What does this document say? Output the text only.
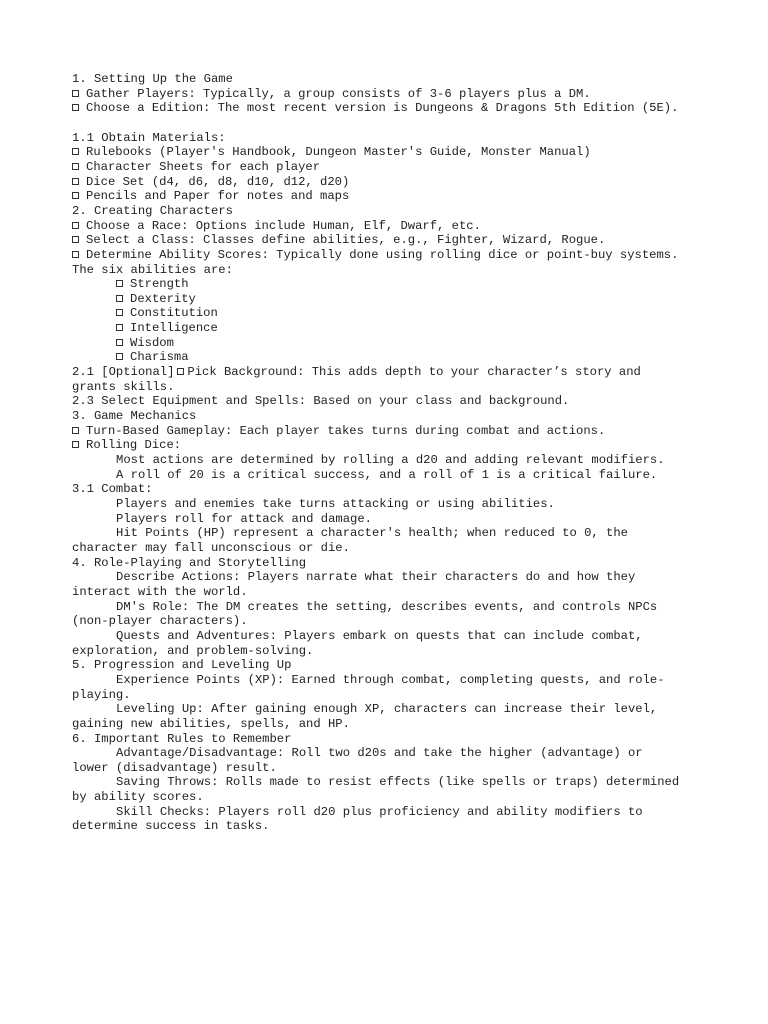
1. Setting Up the Game
Gather Players: Typically, a group consists of 3-6 players plus a DM.
Choose a Edition: The most recent version is Dungeons & Dragons 5th Edition (5E).
1.1 Obtain Materials:
Rulebooks (Player's Handbook, Dungeon Master's Guide, Monster Manual)
Character Sheets for each player
Dice Set (d4, d6, d8, d10, d12, d20)
Pencils and Paper for notes and maps
2. Creating Characters
Choose a Race: Options include Human, Elf, Dwarf, etc.
Select a Class: Classes define abilities, e.g., Fighter, Wizard, Rogue.
Determine Ability Scores: Typically done using rolling dice or point-buy systems.
The six abilities are:
Strength
Dexterity
Constitution
Intelligence
Wisdom
Charisma
2.1 [Optional] Pick Background: This adds depth to your character’s story and
grants skills.
2.3 Select Equipment and Spells: Based on your class and background.
3. Game Mechanics
Turn-Based Gameplay: Each player takes turns during combat and actions.
Rolling Dice:
Most actions are determined by rolling a d20 and adding relevant modifiers.
A roll of 20 is a critical success, and a roll of 1 is a critical failure.
3.1 Combat:
Players and enemies take turns attacking or using abilities.
Players roll for attack and damage.
Hit Points (HP) represent a character's health; when reduced to 0, the
character may fall unconscious or die.
4. Role-Playing and Storytelling
Describe Actions: Players narrate what their characters do and how they
interact with the world.
DM's Role: The DM creates the setting, describes events, and controls NPCs
(non-player characters).
Quests and Adventures: Players embark on quests that can include combat,
exploration, and problem-solving.
5. Progression and Leveling Up
Experience Points (XP): Earned through combat, completing quests, and role-
playing.
Leveling Up: After gaining enough XP, characters can increase their level,
gaining new abilities, spells, and HP.
6. Important Rules to Remember
Advantage/Disadvantage: Roll two d20s and take the higher (advantage) or
lower (disadvantage) result.
Saving Throws: Rolls made to resist effects (like spells or traps) determined
by ability scores.
Skill Checks: Players roll d20 plus proficiency and ability modifiers to
determine success in tasks.
